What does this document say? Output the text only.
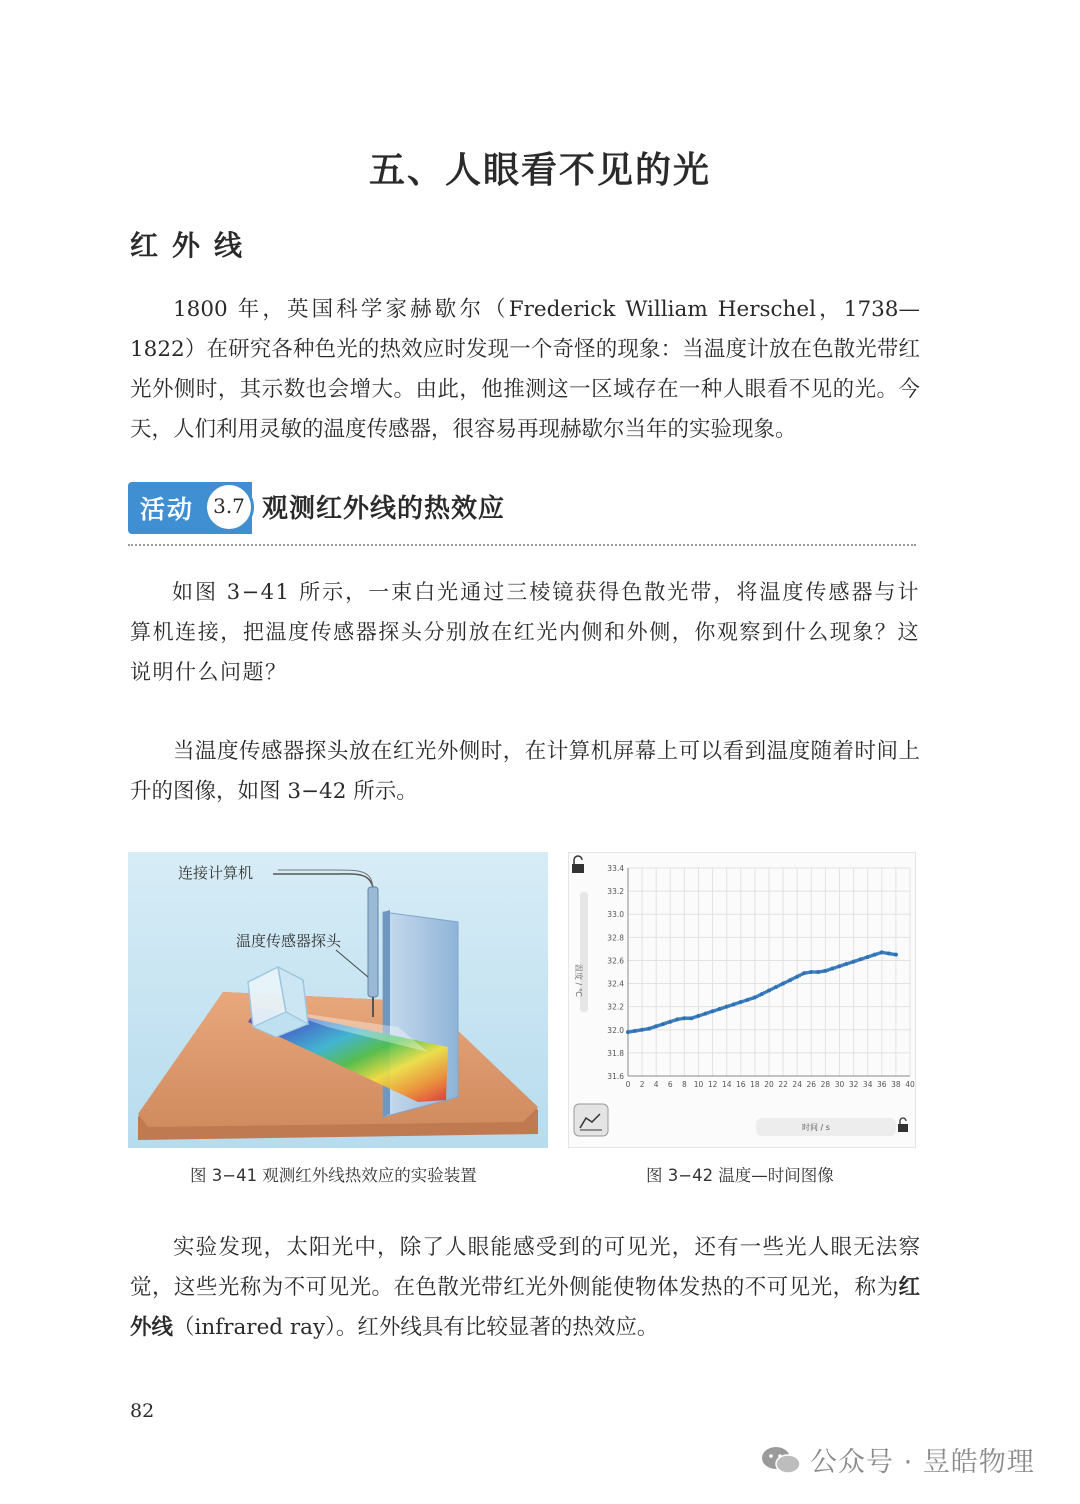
五、人眼看不见的光
红外线

1800 年，英国科学家赫歇尔（Frederick William Herschel，1738—1822）在研究各种色光的热效应时发现一个奇怪的现象：当温度计放在色散光带红光外侧时，其示数也会增大。由此，他推测这一区域存在一种人眼看不见的光。今天，人们利用灵敏的温度传感器，很容易再现赫歇尔当年的实验现象。

活动 3.7 观测红外线的热效应

如图 3−41 所示，一束白光通过三棱镜获得色散光带，将温度传感器与计算机连接，把温度传感器探头分别放在红光内侧和外侧，你观察到什么现象？这说明什么问题？

当温度传感器探头放在红光外侧时，在计算机屏幕上可以看到温度随着时间上升的图像，如图 3−42 所示。

连接计算机
温度传感器探头
图 3−41 观测红外线热效应的实验装置
33.4
33.2
33.0
32.8
32.6
32.4
32.2
32.0
31.8
31.6
0 2 4 6 8 10 12 14 16 18 20 22 24 26 28 30 32 34 36 38 40
温度 / ℃
时间 / s
图 3−42 温度—时间图像

实验发现，太阳光中，除了人眼能感受到的可见光，还有一些光人眼无法察觉，这些光称为不可见光。在色散光带红光外侧能使物体发热的不可见光，称为红外线（infrared ray）。红外线具有比较显著的热效应。

82
公众号 · 昱皓物理
